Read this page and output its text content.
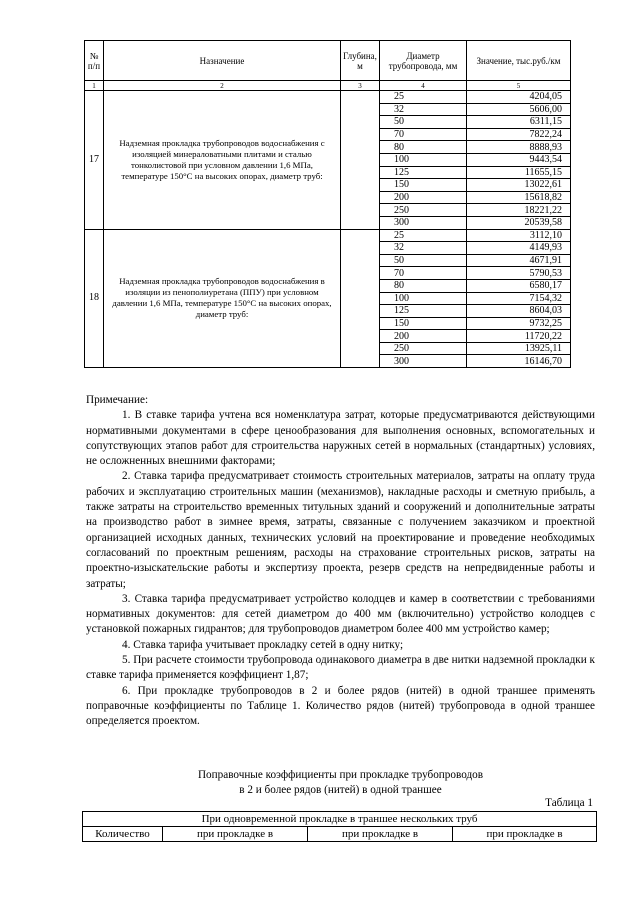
№ п/п	Назначение	Глубина, м	Диаметр трубопровода, мм	Значение, тыс.руб./км
1	2	3	4	5
17	Надземная прокладка трубопроводов водоснабжения с изоляцией минераловатными плитами и сталью тонколистовой при условном давлении 1,6 МПа, температуре 150°С на высоких опорах, диаметр труб:		25	4204,05
			32	5606,00
			50	6311,15
			70	7822,24
			80	8888,93
			100	9443,54
			125	11655,15
			150	13022,61
			200	15618,82
			250	18221,22
			300	20539,58
18	Надземная прокладка трубопроводов водоснабжения в изоляции из пенополиуретана (ППУ) при условном давлении 1,6 МПа, температуре 150°С на высоких опорах, диаметр труб:		25	3112,10
			32	4149,93
			50	4671,91
			70	5790,53
			80	6580,17
			100	7154,32
			125	8604,03
			150	9732,25
			200	11720,22
			250	13925,11
			300	16146,70

Примечание:

1. В ставке тарифа учтена вся номенклатура затрат, которые предусматриваются действующими нормативными документами в сфере ценообразования для выполнения основных, вспомогательных и сопутствующих этапов работ для строительства наружных сетей в нормальных (стандартных) условиях, не осложненных внешними факторами;

2. Ставка тарифа предусматривает стоимость строительных материалов, затраты на оплату труда рабочих и эксплуатацию строительных машин (механизмов), накладные расходы и сметную прибыль, а также затраты на строительство временных титульных зданий и сооружений и дополнительные затраты на производство работ в зимнее время, затраты, связанные с получением заказчиком и проектной организацией исходных данных, технических условий на проектирование и проведение необходимых согласований по проектным решениям, расходы на страхование строительных рисков, затраты на проектно-изыскательские работы и экспертизу проекта, резерв средств на непредвиденные работы и затраты;

3. Ставка тарифа предусматривает устройство колодцев и камер в соответствии с требованиями нормативных документов: для сетей диаметром до 400 мм (включительно) устройство колодцев с установкой пожарных гидрантов; для трубопроводов диаметром более 400 мм устройство камер;

4. Ставка тарифа учитывает прокладку сетей в одну нитку;

5. При расчете стоимости трубопровода одинакового диаметра в две нитки надземной прокладки к ставке тарифа применяется коэффициент 1,87;

6. При прокладке трубопроводов в 2 и более рядов (нитей) в одной траншее применять поправочные коэффициенты по Таблице 1. Количество рядов (нитей) трубопровода в одной траншее определяется проектом.

Поправочные коэффициенты при прокладке трубопроводов
в 2 и более рядов (нитей) в одной траншее
Таблица 1
При одновременной прокладке в траншее нескольких труб
Количество	при прокладке в	при прокладке в	при прокладке в
